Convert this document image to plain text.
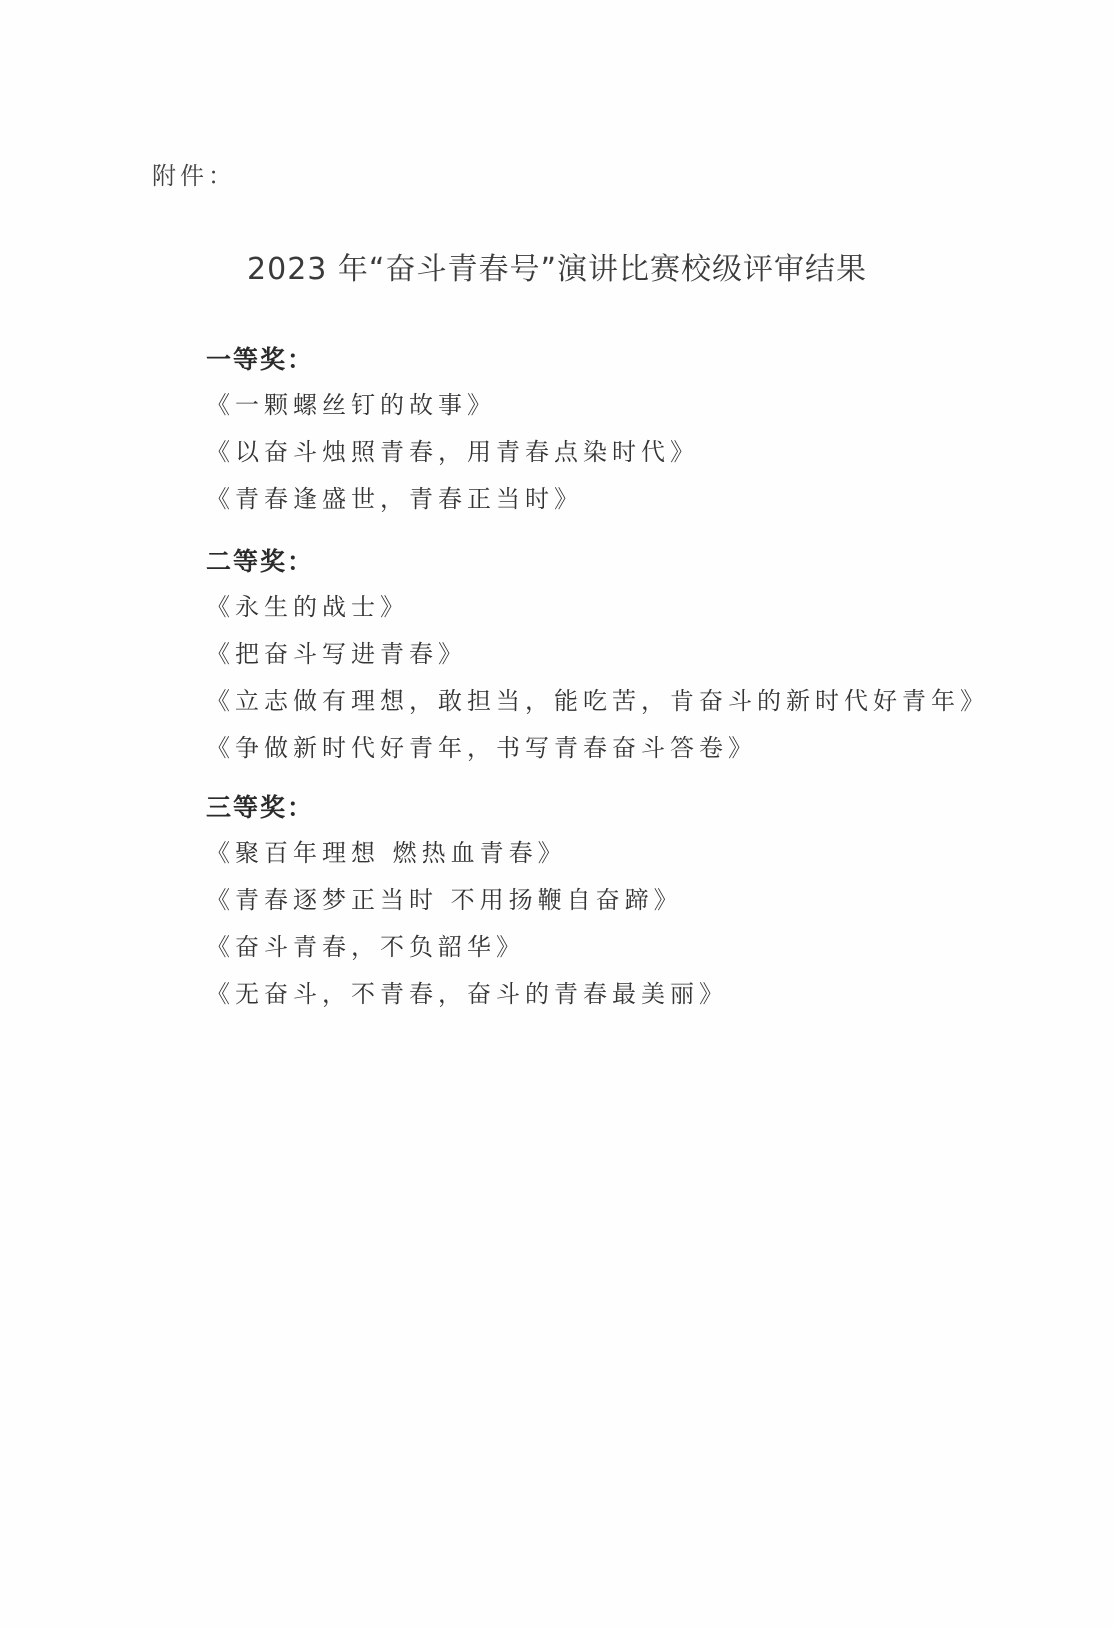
附件：
2023 年“奋斗青春号”演讲比赛校级评审结果
一等奖：
《一颗螺丝钉的故事》
《以奋斗烛照青春，用青春点染时代》
《青春逢盛世，青春正当时》
二等奖：
《永生的战士》
《把奋斗写进青春》
《立志做有理想，敢担当，能吃苦，肯奋斗的新时代好青年》
《争做新时代好青年，书写青春奋斗答卷》
三等奖：
《聚百年理想 燃热血青春》
《青春逐梦正当时 不用扬鞭自奋蹄》
《奋斗青春，不负韶华》
《无奋斗，不青春，奋斗的青春最美丽》
